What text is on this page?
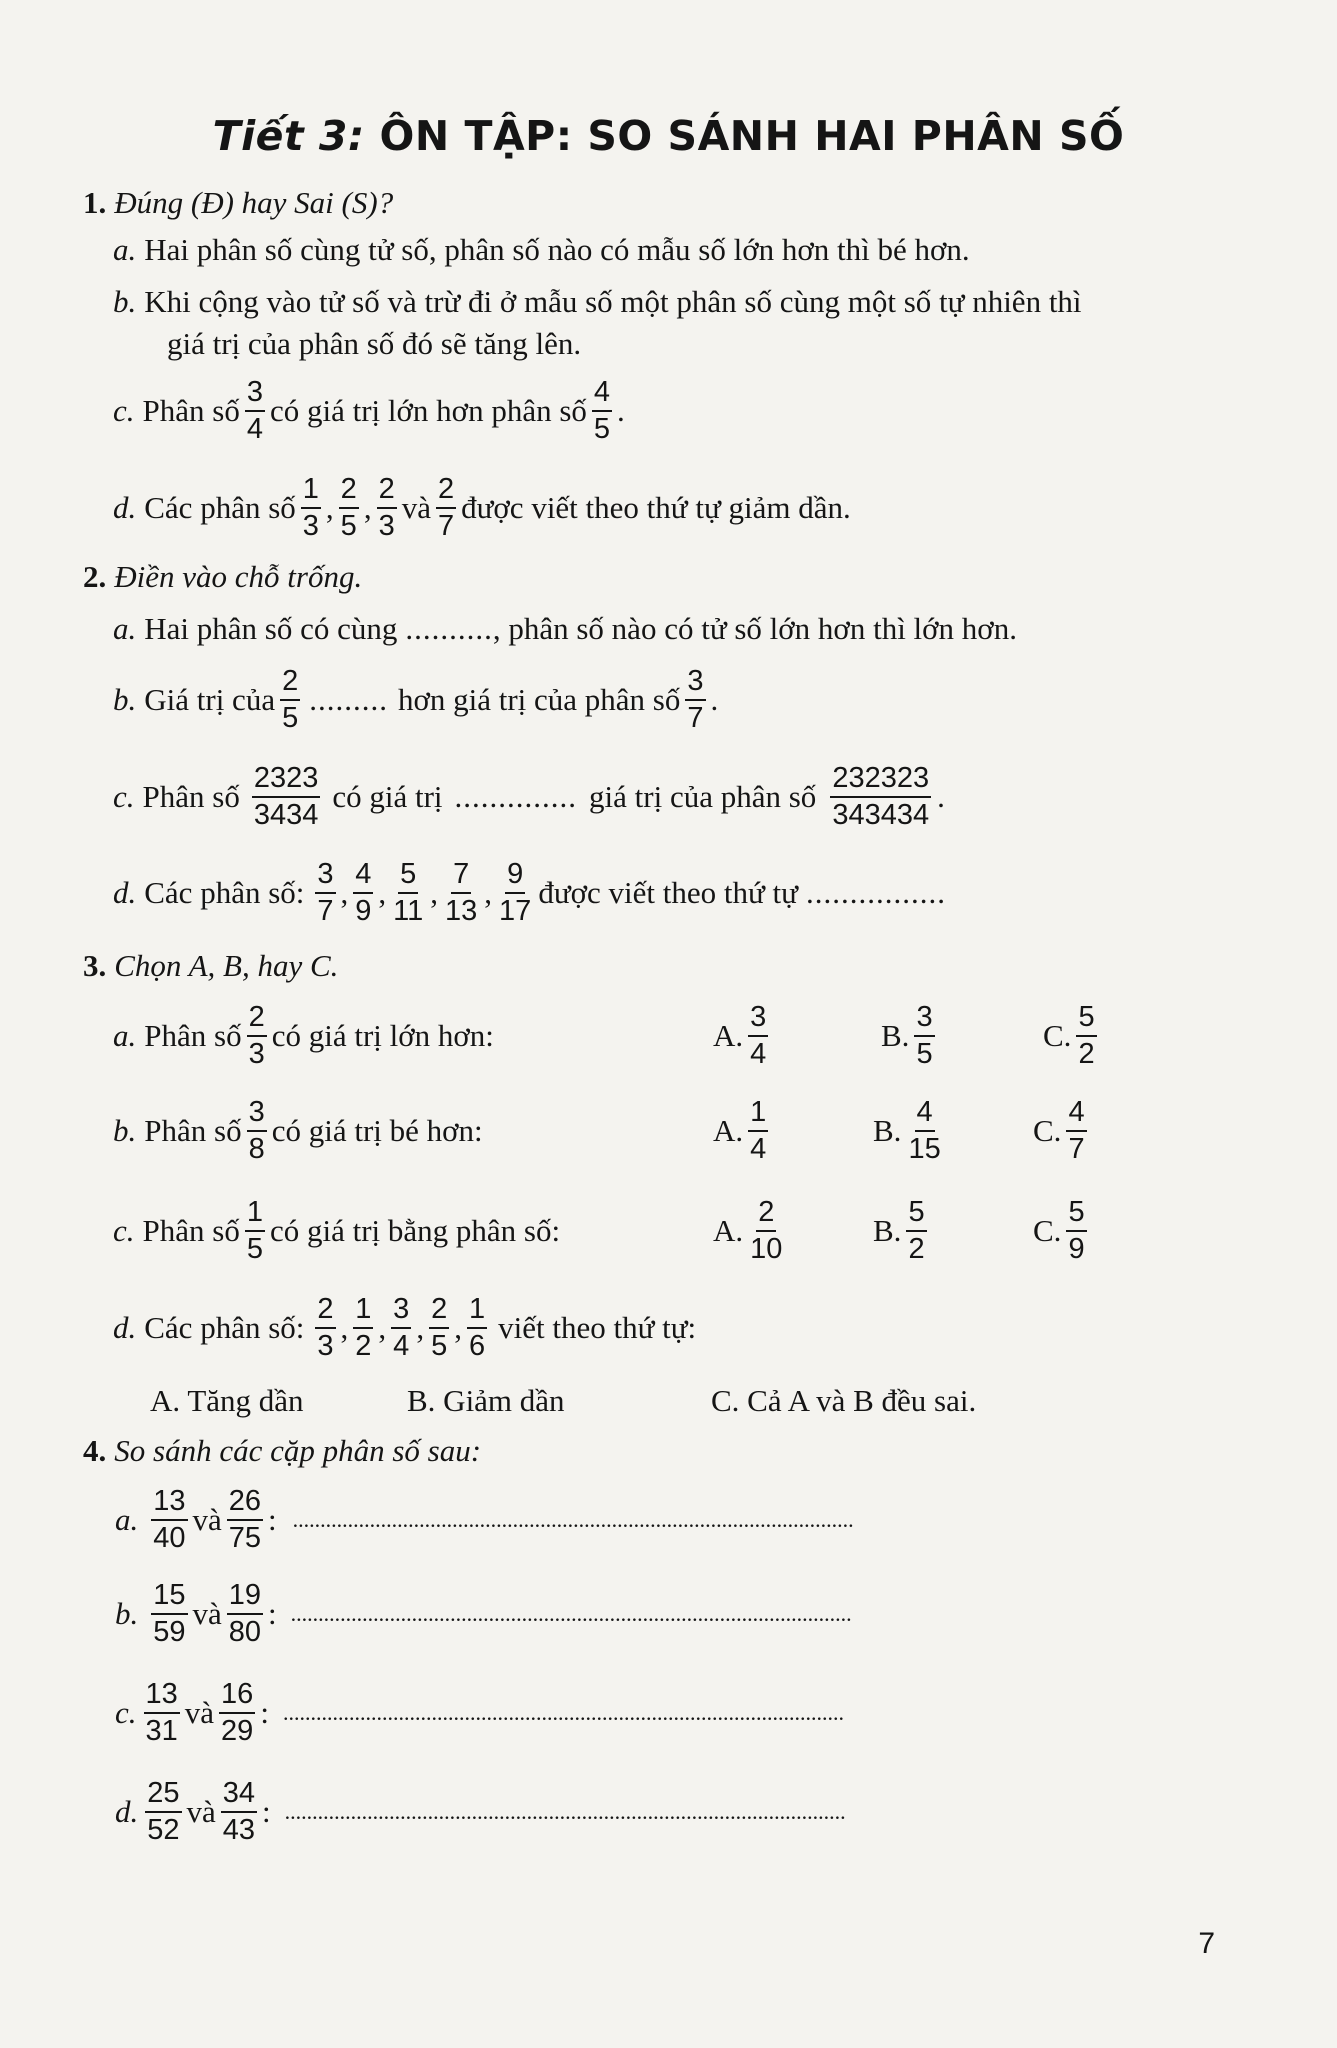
Tiết 3: ÔN TẬP: SO SÁNH HAI PHÂN SỐ
1. Đúng (Đ) hay Sai (S)?
a. Hai phân số cùng tử số, phân số nào có mẫu số lớn hơn thì bé hơn.
b. Khi cộng vào tử số và trừ đi ở mẫu số một phân số cùng một số tự nhiên thì
giá trị của phân số đó sẽ tăng lên.
c. Phân số $\frac{3}{4}$ có giá trị lớn hơn phân số $\frac{4}{5}$ .
d. Các phân số $\frac{1}{3}$ , $\frac{2}{5}$ , $\frac{2}{3}$ và $\frac{2}{7}$ được viết theo thứ tự giảm dần.
2. Điền vào chỗ trống.
a. Hai phân số có cùng .......... , phân số nào có tử số lớn hơn thì lớn hơn.
b. Giá trị của $\frac{2}{5}$ ......... hơn giá trị của phân số $\frac{3}{7}$ .
c. Phân số $\frac{2323}{3434}$ có giá trị .............. giá trị của phân số $\frac{232323}{343434}$ .
d. Các phân số: $\frac{3}{7}$ , $\frac{4}{9}$ , $\frac{5}{11}$ , $\frac{7}{13}$ , $\frac{9}{17}$ được viết theo thứ tự ................
3. Chọn A, B, hay C.
a. Phân số $\frac{2}{3}$ có giá trị lớn hơn:	A. $\frac{3}{4}$	B. $\frac{3}{5}$	C. $\frac{5}{2}$
b. Phân số $\frac{3}{8}$ có giá trị bé hơn:	A. $\frac{1}{4}$	B. $\frac{4}{15}$	C. $\frac{4}{7}$
c. Phân số $\frac{1}{5}$ có giá trị bằng phân số:	A. $\frac{2}{10}$	B. $\frac{5}{2}$	C. $\frac{5}{9}$
d. Các phân số: $\frac{2}{3}$ , $\frac{1}{2}$ , $\frac{3}{4}$ , $\frac{2}{5}$ , $\frac{1}{6}$ viết theo thứ tự:
A. Tăng dần	B. Giảm dần	C. Cả A và B đều sai.
4. So sánh các cặp phân số sau:
a. $\frac{13}{40}$ và $\frac{26}{75}$ : ......................................................................................................
b. $\frac{15}{59}$ và $\frac{19}{80}$ : ......................................................................................................
c. $\frac{13}{31}$ và $\frac{16}{29}$ : ......................................................................................................
d. $\frac{25}{52}$ và $\frac{34}{43}$ : ......................................................................................................
7
